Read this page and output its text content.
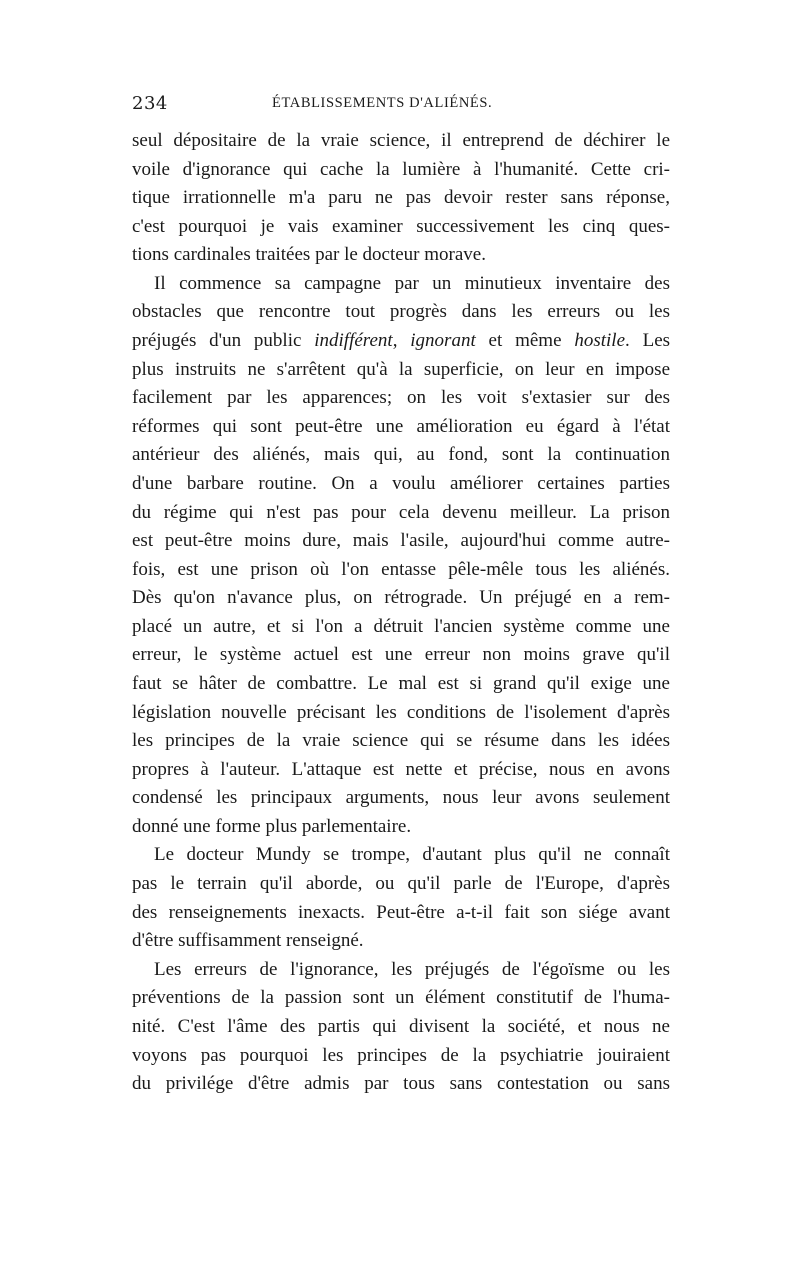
234	ÉTABLISSEMENTS D'ALIÉNÉS.
seul dépositaire de la vraie science, il entreprend de déchirer le
voile d'ignorance qui cache la lumière à l'humanité. Cette cri-
tique irrationnelle m'a paru ne pas devoir rester sans réponse,
c'est pourquoi je vais examiner successivement les cinq ques-
tions cardinales traitées par le docteur morave.
Il commence sa campagne par un minutieux inventaire des
obstacles que rencontre tout progrès dans les erreurs ou les
préjugés d'un public indifférent, ignorant et même hostile. Les
plus instruits ne s'arrêtent qu'à la superficie, on leur en impose
facilement par les apparences; on les voit s'extasier sur des
réformes qui sont peut-être une amélioration eu égard à l'état
antérieur des aliénés, mais qui, au fond, sont la continuation
d'une barbare routine. On a voulu améliorer certaines parties
du régime qui n'est pas pour cela devenu meilleur. La prison
est peut-être moins dure, mais l'asile, aujourd'hui comme autre-
fois, est une prison où l'on entasse pêle-mêle tous les aliénés.
Dès qu'on n'avance plus, on rétrograde. Un préjugé en a rem-
placé un autre, et si l'on a détruit l'ancien système comme une
erreur, le système actuel est une erreur non moins grave qu'il
faut se hâter de combattre. Le mal est si grand qu'il exige une
législation nouvelle précisant les conditions de l'isolement d'après
les principes de la vraie science qui se résume dans les idées
propres à l'auteur. L'attaque est nette et précise, nous en avons
condensé les principaux arguments, nous leur avons seulement
donné une forme plus parlementaire.
Le docteur Mundy se trompe, d'autant plus qu'il ne connaît
pas le terrain qu'il aborde, ou qu'il parle de l'Europe, d'après
des renseignements inexacts. Peut-être a-t-il fait son siége avant
d'être suffisamment renseigné.
Les erreurs de l'ignorance, les préjugés de l'égoïsme ou les
préventions de la passion sont un élément constitutif de l'huma-
nité. C'est l'âme des partis qui divisent la société, et nous ne
voyons pas pourquoi les principes de la psychiatrie jouiraient
du privilége d'être admis par tous sans contestation ou sans
